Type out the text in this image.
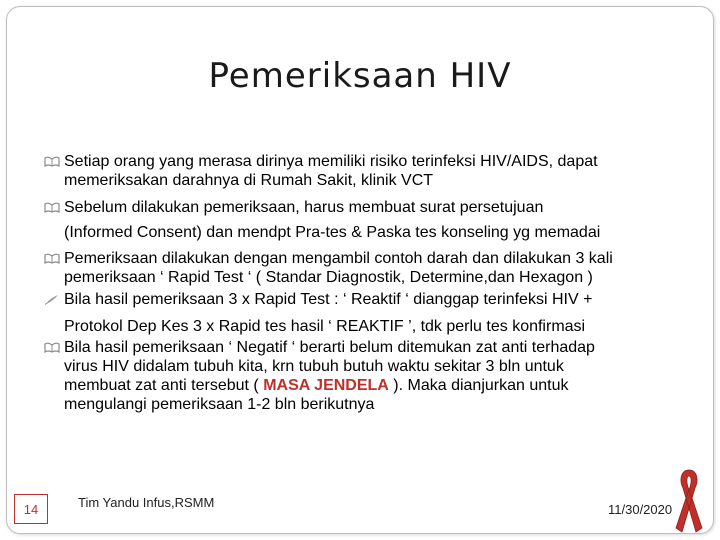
Pemeriksaan HIV
Setiap orang yang merasa dirinya memiliki risiko terinfeksi HIV/AIDS, dapat
memeriksakan darahnya di Rumah Sakit, klinik VCT
Sebelum dilakukan pemeriksaan, harus membuat surat persetujuan
(Informed Consent) dan mendpt Pra-tes & Paska tes konseling yg memadai
Pemeriksaan dilakukan dengan mengambil contoh darah dan dilakukan 3 kali
pemeriksaan ‘ Rapid Test ‘ ( Standar Diagnostik, Determine,dan Hexagon )
Bila hasil pemeriksaan 3 x Rapid Test : ‘ Reaktif ‘ dianggap terinfeksi HIV +
Protokol Dep Kes 3 x Rapid tes hasil ‘ REAKTIF ’, tdk perlu tes konfirmasi
Bila hasil pemeriksaan ‘ Negatif ‘ berarti belum ditemukan zat anti terhadap
virus HIV didalam tubuh kita, krn tubuh butuh waktu sekitar 3 bln untuk
membuat zat anti tersebut ( MASA JENDELA ). Maka dianjurkan untuk
mengulangi pemeriksaan 1-2 bln berikutnya
14	Tim Yandu Infus,RSMM	11/30/2020
